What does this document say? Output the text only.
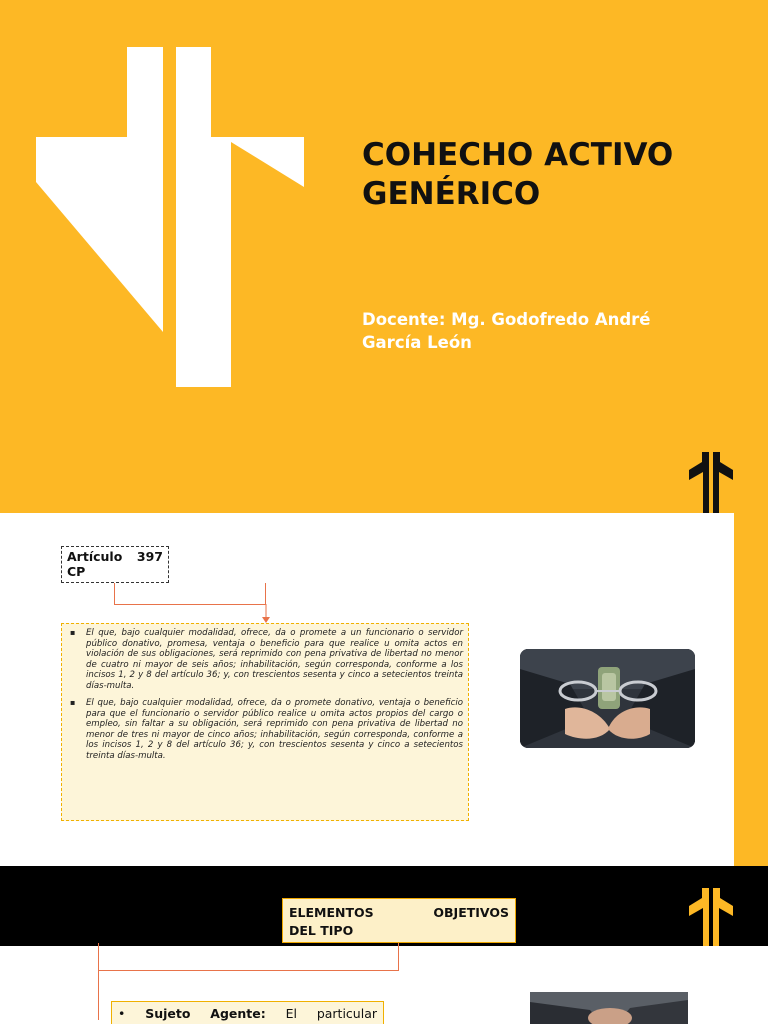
COHECHO ACTIVO
GENÉRICO
Docente: Mg. Godofredo André
García León
Artículo 397
CP
▪ El que, bajo cualquier modalidad, ofrece, da o promete a un funcionario o servidor público donativo, promesa, ventaja o beneficio para que realice u omita actos en violación de sus obligaciones, será reprimido con pena privativa de libertad no menor de cuatro ni mayor de seis años; inhabilitación, según corresponda, conforme a los incisos 1, 2 y 8 del artículo 36; y, con trescientos sesenta y cinco a setecientos treinta días-multa.
▪ El que, bajo cualquier modalidad, ofrece, da o promete donativo, ventaja o beneficio para que el funcionario o servidor público realice u omita actos propios del cargo o empleo, sin faltar a su obligación, será reprimido con pena privativa de libertad no menor de tres ni mayor de cinco años; inhabilitación, según corresponda, conforme a los incisos 1, 2 y 8 del artículo 36; y, con trescientos sesenta y cinco a setecientos treinta días-multa.
ELEMENTOS	OBJETIVOS
DEL TIPO
• Sujeto Agente: El particular
